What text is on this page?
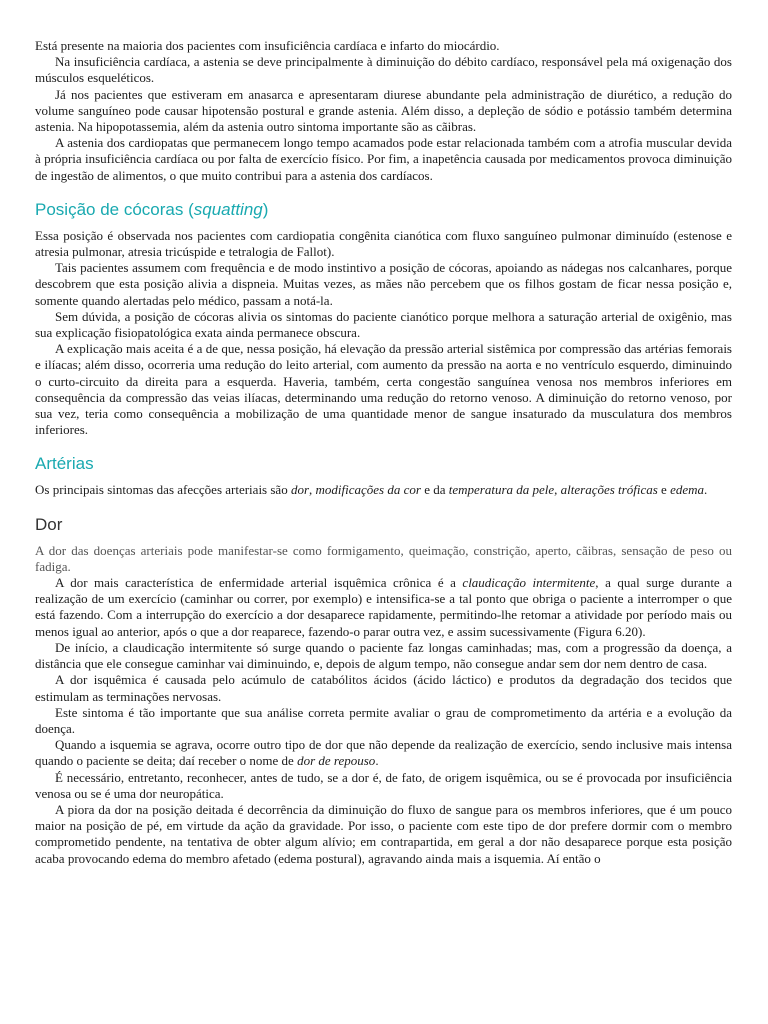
Está presente na maioria dos pacientes com insuficiência cardíaca e infarto do miocárdio.

Na insuficiência cardíaca, a astenia se deve principalmente à diminuição do débito cardíaco, responsável pela má oxigenação dos músculos esqueléticos.

Já nos pacientes que estiveram em anasarca e apresentaram diurese abundante pela administração de diurético, a redução do volume sanguíneo pode causar hipotensão postural e grande astenia. Além disso, a depleção de sódio e potássio também determina astenia. Na hipopotassemia, além da astenia outro sintoma importante são as cãibras.

A astenia dos cardiopatas que permanecem longo tempo acamados pode estar relacionada também com a atrofia muscular devida à própria insuficiência cardíaca ou por falta de exercício físico. Por fim, a inapetência causada por medicamentos provoca diminuição de ingestão de alimentos, o que muito contribui para a astenia dos cardíacos.

Posição de cócoras (squatting)

Essa posição é observada nos pacientes com cardiopatia congênita cianótica com fluxo sanguíneo pulmonar diminuído (estenose e atresia pulmonar, atresia tricúspide e tetralogia de Fallot).

Tais pacientes assumem com frequência e de modo instintivo a posição de cócoras, apoiando as nádegas nos calcanhares, porque descobrem que esta posição alivia a dispneia. Muitas vezes, as mães não percebem que os filhos gostam de ficar nessa posição e, somente quando alertadas pelo médico, passam a notá-la.

Sem dúvida, a posição de cócoras alivia os sintomas do paciente cianótico porque melhora a saturação arterial de oxigênio, mas sua explicação fisiopatológica exata ainda permanece obscura.

A explicação mais aceita é a de que, nessa posição, há elevação da pressão arterial sistêmica por compressão das artérias femorais e ilíacas; além disso, ocorreria uma redução do leito arterial, com aumento da pressão na aorta e no ventrículo esquerdo, diminuindo o curto-circuito da direita para a esquerda. Haveria, também, certa congestão sanguínea venosa nos membros inferiores em consequência da compressão das veias ilíacas, determinando uma redução do retorno venoso. A diminuição do retorno venoso, por sua vez, teria como consequência a mobilização de uma quantidade menor de sangue insaturado da musculatura dos membros inferiores.

Artérias

Os principais sintomas das afecções arteriais são dor, modificações da cor e da temperatura da pele, alterações tróficas e edema.

Dor

A dor das doenças arteriais pode manifestar-se como formigamento, queimação, constrição, aperto, cãibras, sensação de peso ou fadiga.

A dor mais característica de enfermidade arterial isquêmica crônica é a claudicação intermitente, a qual surge durante a realização de um exercício (caminhar ou correr, por exemplo) e intensifica-se a tal ponto que obriga o paciente a interromper o que está fazendo. Com a interrupção do exercício a dor desaparece rapidamente, permitindo-lhe retomar a atividade por período mais ou menos igual ao anterior, após o que a dor reaparece, fazendo-o parar outra vez, e assim sucessivamente (Figura 6.20).

De início, a claudicação intermitente só surge quando o paciente faz longas caminhadas; mas, com a progressão da doença, a distância que ele consegue caminhar vai diminuindo, e, depois de algum tempo, não consegue andar sem dor nem dentro de casa.

A dor isquêmica é causada pelo acúmulo de catabólitos ácidos (ácido láctico) e produtos da degradação dos tecidos que estimulam as terminações nervosas.

Este sintoma é tão importante que sua análise correta permite avaliar o grau de comprometimento da artéria e a evolução da doença.

Quando a isquemia se agrava, ocorre outro tipo de dor que não depende da realização de exercício, sendo inclusive mais intensa quando o paciente se deita; daí receber o nome de dor de repouso.

É necessário, entretanto, reconhecer, antes de tudo, se a dor é, de fato, de origem isquêmica, ou se é provocada por insuficiência venosa ou se é uma dor neuropática.

A piora da dor na posição deitada é decorrência da diminuição do fluxo de sangue para os membros inferiores, que é um pouco maior na posição de pé, em virtude da ação da gravidade. Por isso, o paciente com este tipo de dor prefere dormir com o membro comprometido pendente, na tentativa de obter algum alívio; em contrapartida, em geral a dor não desaparece porque esta posição acaba provocando edema do membro afetado (edema postural), agravando ainda mais a isquemia. Aí então o
